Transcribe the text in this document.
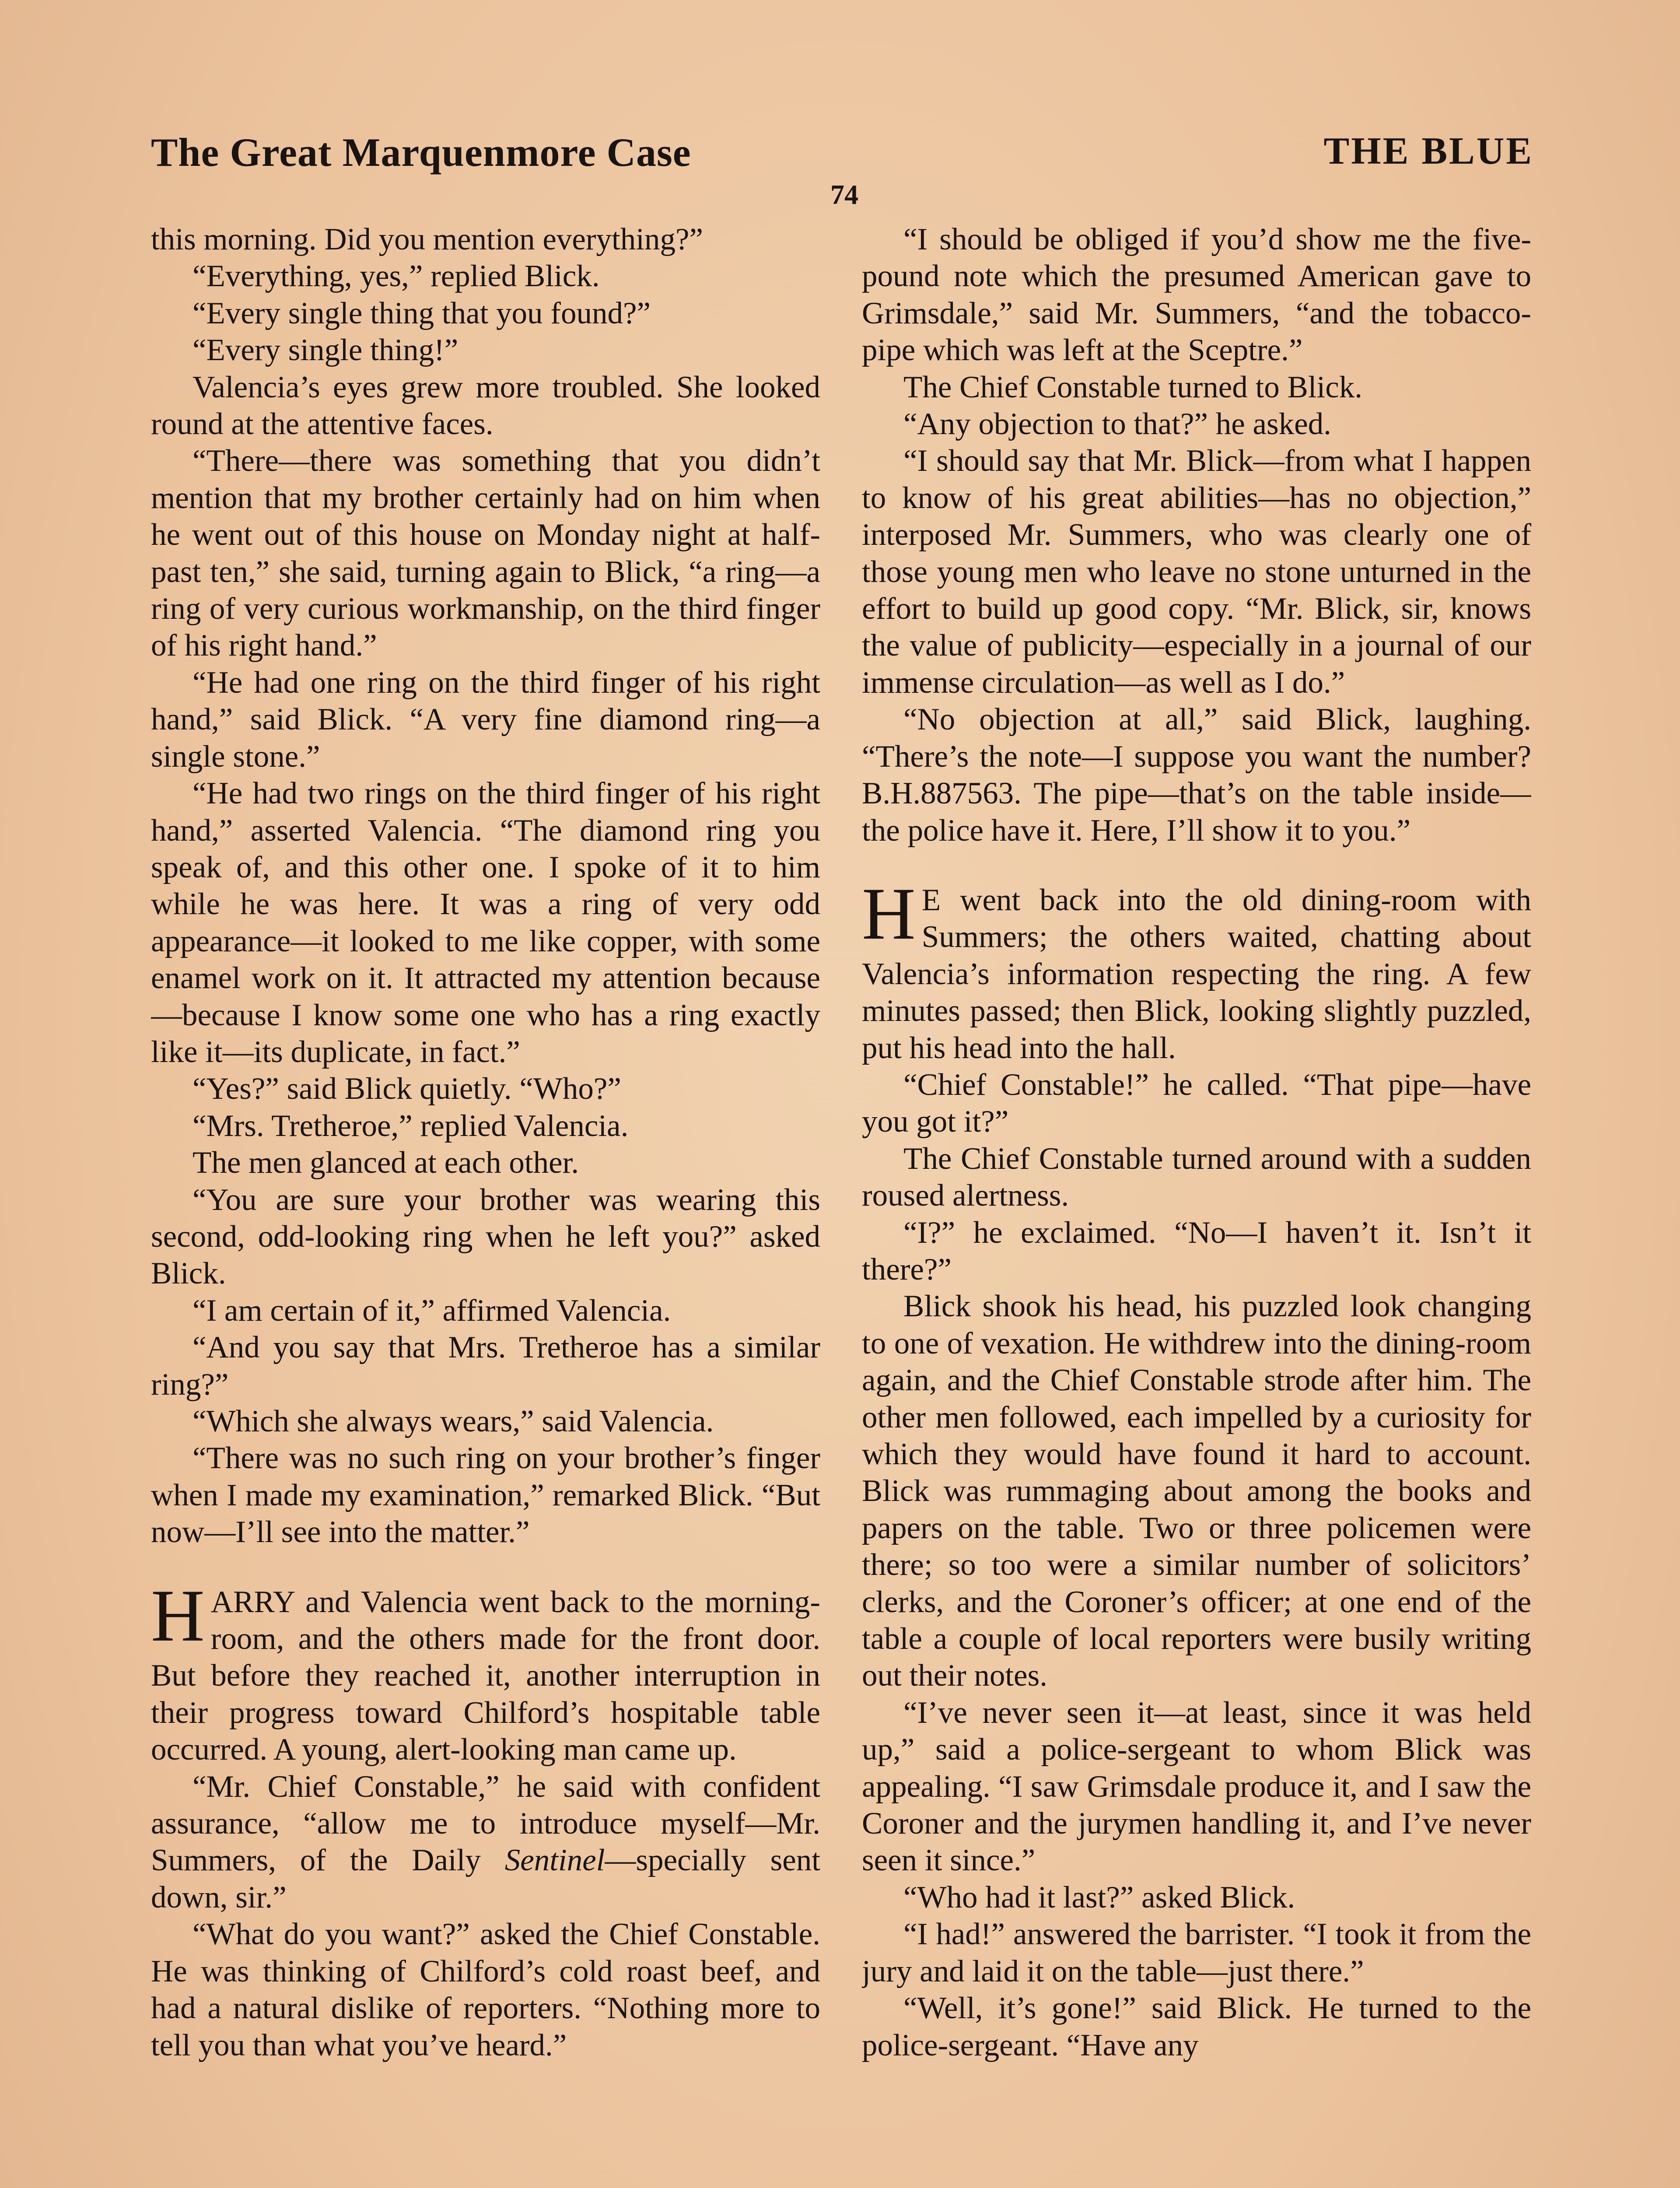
The Great Marquenmore Case	THE BLUE
74

this morning. Did you mention everything?”

“Everything, yes,” replied Blick.

“Every single thing that you found?”

“Every single thing!”

Valencia’s eyes grew more troubled. She looked round at the attentive faces.

“There—there was something that you didn’t mention that my brother certainly had on him when he went out of this house on Monday night at half-past ten,” she said, turning again to Blick, “a ring—a ring of very curious workmanship, on the third finger of his right hand.”

“He had one ring on the third finger of his right hand,” said Blick. “A very fine diamond ring—a single stone.”

“He had two rings on the third finger of his right hand,” asserted Valencia. “The diamond ring you speak of, and this other one. I spoke of it to him while he was here. It was a ring of very odd appearance—it looked to me like copper, with some enamel work on it. It attracted my attention because—because I know some one who has a ring exactly like it—its duplicate, in fact.”

“Yes?” said Blick quietly. “Who?”

“Mrs. Tretheroe,” replied Valencia.

The men glanced at each other.

“You are sure your brother was wearing this second, odd-looking ring when he left you?” asked Blick.

“I am certain of it,” affirmed Valencia.

“And you say that Mrs. Tretheroe has a similar ring?”

“Which she always wears,” said Valencia.

“There was no such ring on your brother’s finger when I made my examination,” remarked Blick. “But now—I’ll see into the matter.”

HARRY and Valencia went back to the morning-room, and the others made for the front door. But before they reached it, another interruption in their progress toward Chilford’s hospitable table occurred. A young, alert-looking man came up.

“Mr. Chief Constable,” he said with confident assurance, “allow me to introduce myself—Mr. Summers, of the Daily Sentinel—specially sent down, sir.”

“What do you want?” asked the Chief Constable. He was thinking of Chilford’s cold roast beef, and had a natural dislike of reporters. “Nothing more to tell you than what you’ve heard.”

“I should be obliged if you’d show me the five-pound note which the presumed American gave to Grimsdale,” said Mr. Summers, “and the tobacco-pipe which was left at the Sceptre.”

The Chief Constable turned to Blick.

“Any objection to that?” he asked.

“I should say that Mr. Blick—from what I happen to know of his great abilities—has no objection,” interposed Mr. Summers, who was clearly one of those young men who leave no stone unturned in the effort to build up good copy. “Mr. Blick, sir, knows the value of publicity—especially in a journal of our immense circulation—as well as I do.”

“No objection at all,” said Blick, laughing. “There’s the note—I suppose you want the number? B.H.887563. The pipe—that’s on the table inside—the police have it. Here, I’ll show it to you.”

H E went back into the old dining-room with Summers; the others waited, chatting about Valencia’s information respecting the ring. A few minutes passed; then Blick, looking slightly puzzled, put his head into the hall.

“Chief Constable!” he called. “That pipe—have you got it?”

The Chief Constable turned around with a sudden roused alertness.

“I?” he exclaimed. “No—I haven’t it. Isn’t it there?”

Blick shook his head, his puzzled look changing to one of vexation. He withdrew into the dining-room again, and the Chief Constable strode after him. The other men followed, each impelled by a curiosity for which they would have found it hard to account. Blick was rummaging about among the books and papers on the table. Two or three policemen were there; so too were a similar number of solicitors’ clerks, and the Coroner’s officer; at one end of the table a couple of local reporters were busily writing out their notes.

“I’ve never seen it—at least, since it was held up,” said a police-sergeant to whom Blick was appealing. “I saw Grimsdale produce it, and I saw the Coroner and the jurymen handling it, and I’ve never seen it since.”

“Who had it last?” asked Blick.

“I had!” answered the barrister. “I took it from the jury and laid it on the table—just there.”

“Well, it’s gone!” said Blick. He turned to the police-sergeant. “Have any
